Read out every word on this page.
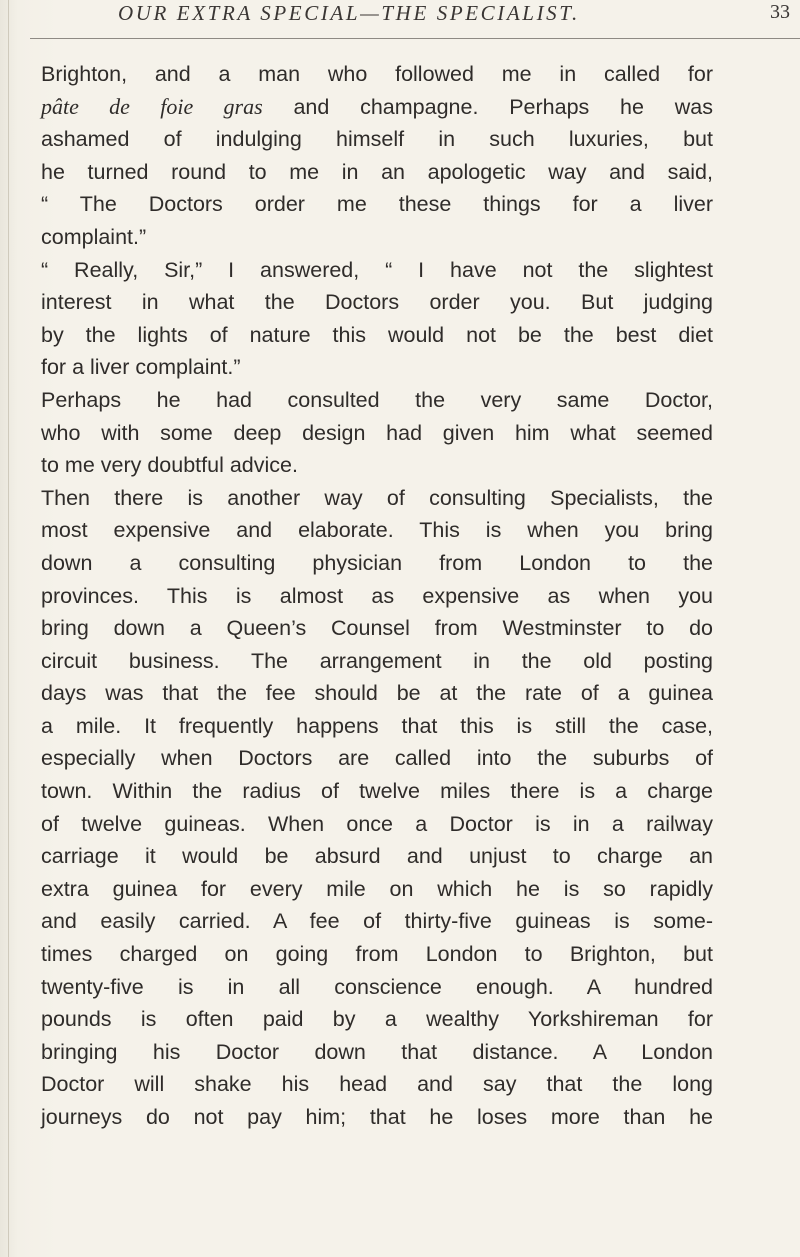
OUR EXTRA SPECIAL—THE SPECIALIST.	33
Brighton, and a man who followed me in called for
pâte de foie gras and champagne. Perhaps he was
ashamed of indulging himself in such luxuries, but
he turned round to me in an apologetic way and said,
“ The Doctors order me these things for a liver
complaint.”
“ Really, Sir,” I answered, “ I have not the slightest
interest in what the Doctors order you. But judging
by the lights of nature this would not be the best diet
for a liver complaint.”
Perhaps he had consulted the very same Doctor,
who with some deep design had given him what seemed
to me very doubtful advice.
Then there is another way of consulting Specialists, the
most expensive and elaborate. This is when you bring
down a consulting physician from London to the
provinces. This is almost as expensive as when you
bring down a Queen’s Counsel from Westminster to do
circuit business. The arrangement in the old posting
days was that the fee should be at the rate of a guinea
a mile. It frequently happens that this is still the case,
especially when Doctors are called into the suburbs of
town. Within the radius of twelve miles there is a charge
of twelve guineas. When once a Doctor is in a railway
carriage it would be absurd and unjust to charge an
extra guinea for every mile on which he is so rapidly
and easily carried. A fee of thirty-five guineas is some-
times charged on going from London to Brighton, but
twenty-five is in all conscience enough. A hundred
pounds is often paid by a wealthy Yorkshireman for
bringing his Doctor down that distance. A London
Doctor will shake his head and say that the long
journeys do not pay him; that he loses more than he
